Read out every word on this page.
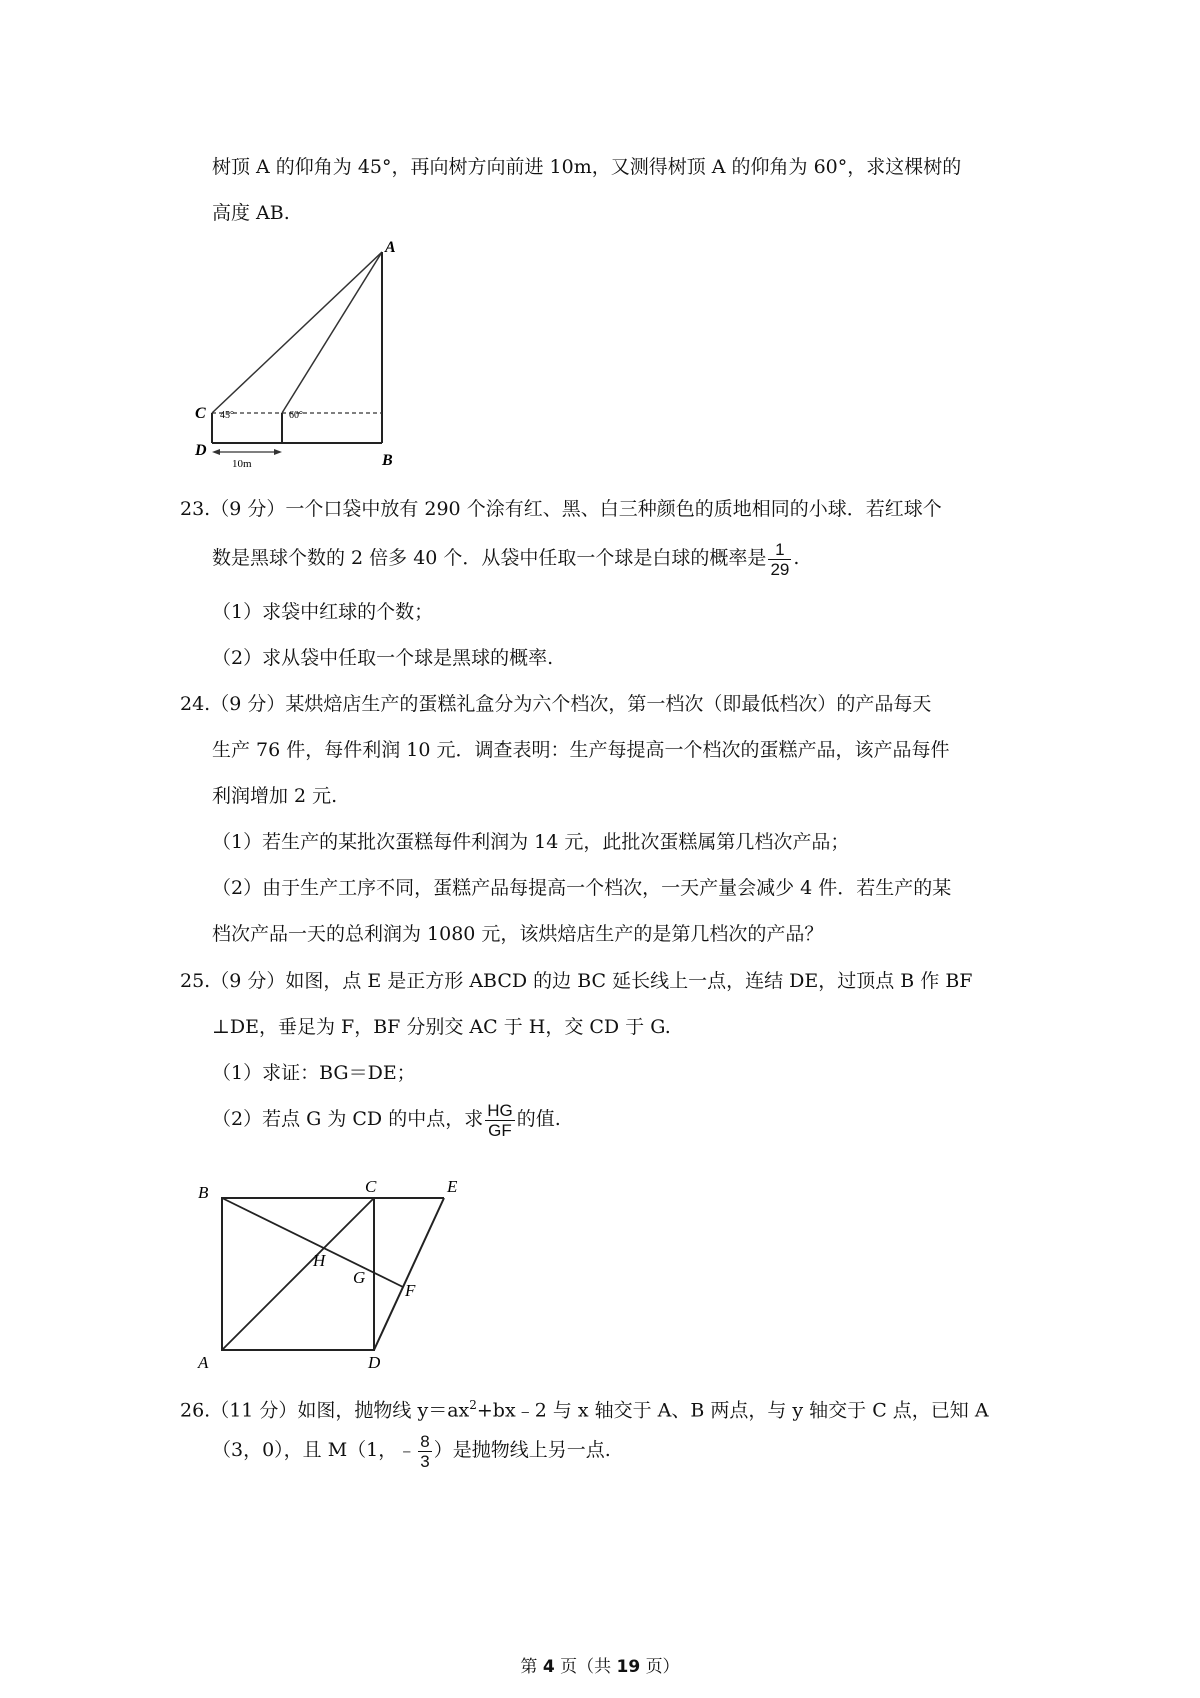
树顶 A 的仰角为 45°，再向树方向前进 10m，又测得树顶 A 的仰角为 60°，求这棵树的
高度 AB.
A
B
C
D
45°	60°
10m
23.（9 分）一个口袋中放有 290 个涂有红、黑、白三种颜色的质地相同的小球．若红球个
数是黑球个数的 2 倍多 40 个．从袋中任取一个球是白球的概率是 $\frac{1}{29}$ .
（1）求袋中红球的个数；
（2）求从袋中任取一个球是黑球的概率.
24.（9 分）某烘焙店生产的蛋糕礼盒分为六个档次，第一档次（即最低档次）的产品每天
生产 76 件，每件利润 10 元．调查表明：生产每提高一个档次的蛋糕产品，该产品每件
利润增加 2 元.
（1）若生产的某批次蛋糕每件利润为 14 元，此批次蛋糕属第几档次产品；
（2）由于生产工序不同，蛋糕产品每提高一个档次，一天产量会减少 4 件．若生产的某
档次产品一天的总利润为 1080 元，该烘焙店生产的是第几档次的产品？
25.（9 分）如图，点 E 是正方形 ABCD 的边 BC 延长线上一点，连结 DE，过顶点 B 作 BF
⊥DE，垂足为 F，BF 分别交 AC 于 H，交 CD 于 G.
（1）求证：BG＝DE；
（2）若点 G 为 CD 的中点，求 $\frac{HG}{GF}$ 的值.
B	C	E
A	D
H
G
F
26.（11 分）如图，抛物线 $y=ax^2+bx﹣2$ 与 x 轴交于 A、B 两点，与 y 轴交于 C 点，已知 A
（3，0），且 M（1，﹣ $\frac{8}{3}$ ）是抛物线上另一点.
第 4 页（共 19 页）
